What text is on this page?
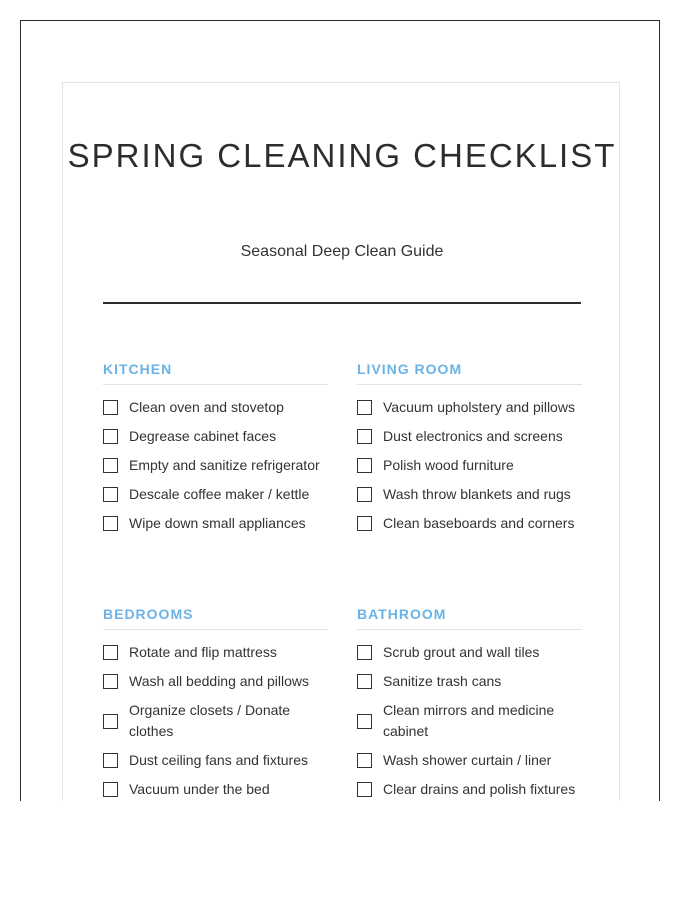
SPRING CLEANING CHECKLIST

Seasonal Deep Clean Guide

KITCHEN
Clean oven and stovetop
Degrease cabinet faces
Empty and sanitize refrigerator
Descale coffee maker / kettle
Wipe down small appliances
LIVING ROOM
Vacuum upholstery and pillows
Dust electronics and screens
Polish wood furniture
Wash throw blankets and rugs
Clean baseboards and corners
BEDROOMS
Rotate and flip mattress
Wash all bedding and pillows
Organize closets / Donate clothes
Dust ceiling fans and fixtures
Vacuum under the bed
BATHROOM
Scrub grout and wall tiles
Sanitize trash cans
Clean mirrors and medicine cabinet
Wash shower curtain / liner
Clear drains and polish fixtures
